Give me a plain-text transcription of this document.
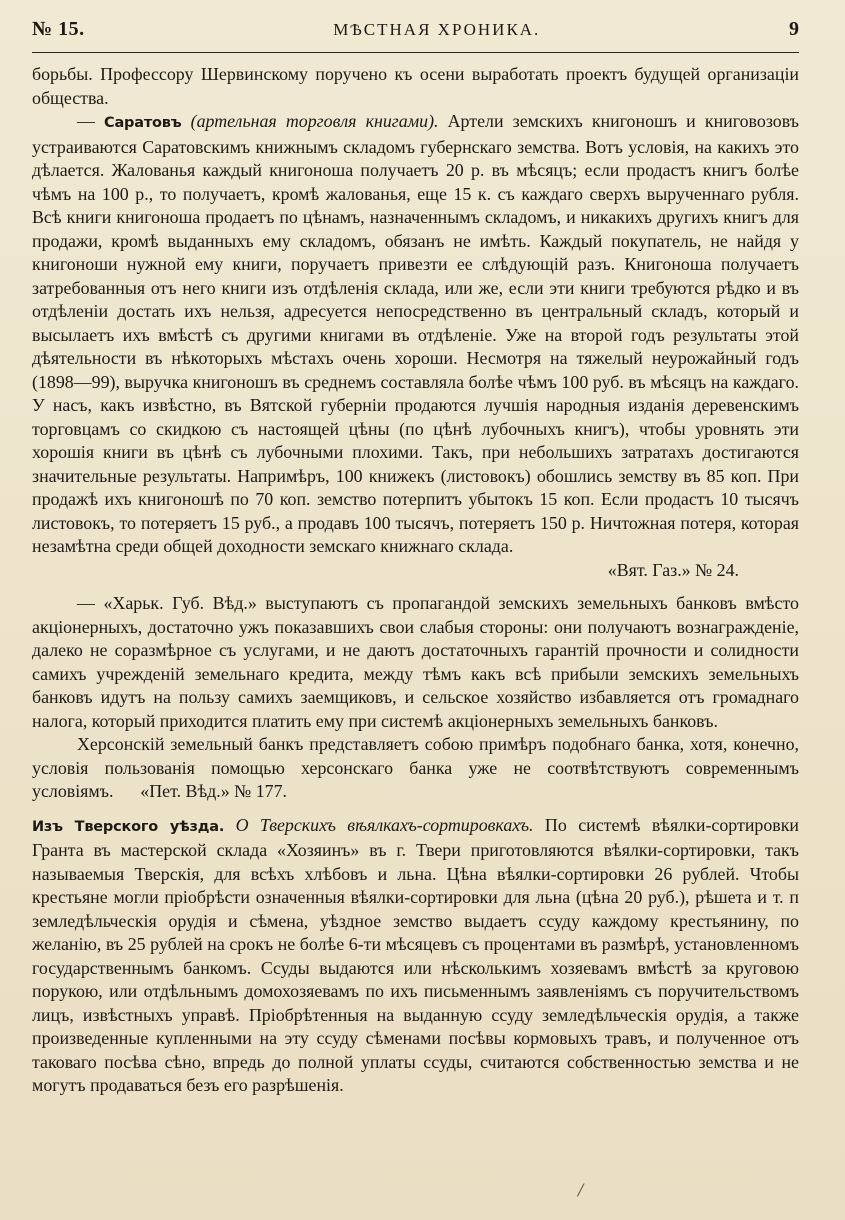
№ 15.	МѢСТНАЯ ХРОНИКА.	9

борьбы. Профессору Шервинскому поручено къ осени выработать проектъ будущей организацiи общества.

— Саратовъ (артельная торговля книгами). Артели земскихъ книгоношъ и книговозовъ устраиваются Саратовскимъ книжнымъ складомъ губернскаго земства. Вотъ условiя, на какихъ это дѣлается. Жалованья каждый книгоноша получаетъ 20 р. въ мѣсяцъ; если продастъ книгъ болѣе чѣмъ на 100 р., то получаетъ, кромѣ жалованья, еще 15 к. съ каждаго сверхъ вырученнаго рубля. Всѣ книги книгоноша продаетъ по цѣнамъ, назначеннымъ складомъ, и никакихъ другихъ книгъ для продажи, кромѣ выданныхъ ему складомъ, обязанъ не имѣть. Каждый покупатель, не найдя у книгоноши нужной ему книги, поручаетъ привезти ее слѣдующiй разъ. Книгоноша получаетъ затребованныя отъ него книги изъ отдѣленiя склада, или же, если эти книги требуются рѣдко и въ отдѣленiи достать ихъ нельзя, адресуется непосредственно въ центральный складъ, который и высылаетъ ихъ вмѣстѣ съ другими книгами въ отдѣленiе. Уже на второй годъ результаты этой дѣятельности въ нѣкоторыхъ мѣстахъ очень хороши. Несмотря на тяжелый неурожайный годъ (1898—99), выручка книгоношъ въ среднемъ составляла болѣе чѣмъ 100 руб. въ мѣсяцъ на каждаго. У насъ, какъ извѣстно, въ Вятской губернiи продаются лучшiя народныя изданiя деревенскимъ торговцамъ со скидкою съ настоящей цѣны (по цѣнѣ лубочныхъ книгъ), чтобы уровнять эти хорошiя книги въ цѣнѣ съ лубочными плохими. Такъ, при небольшихъ затратахъ достигаются значительные результаты. Напримѣръ, 100 книжекъ (листовокъ) обошлись земству въ 85 коп. При продажѣ ихъ книгоношѣ по 70 коп. земство потерпитъ убытокъ 15 коп. Если продастъ 10 тысячъ листовокъ, то потеряетъ 15 руб., а продавъ 100 тысячъ, потеряетъ 150 р. Ничтожная потеря, которая незамѣтна среди общей доходности земскаго книжнаго склада.

«Вят. Газ.» № 24.

— «Харьк. Губ. Вѣд.» выступаютъ съ пропагандой земскихъ земельныхъ банковъ вмѣсто акцiонерныхъ, достаточно ужъ показавшихъ свои слабыя стороны: они получаютъ вознагражденiе, далеко не соразмѣрное съ услугами, и не даютъ достаточныхъ гарантiй прочности и солидности самихъ учрежденiй земельнаго кредита, между тѣмъ какъ всѣ прибыли земскихъ земельныхъ банковъ идутъ на пользу самихъ заемщиковъ, и сельское хозяйство избавляется отъ громаднаго налога, который приходится платить ему при системѣ акцiонерныхъ земельныхъ банковъ.

Херсонскiй земельный банкъ представляетъ собою примѣръ подобнаго банка, хотя, конечно, условiя пользованiя помощью херсонскаго банка уже не соотвѣтствуютъ современнымъ условiямъ. «Пет. Вѣд.» № 177.

Изъ Тверского уѣзда. О Тверскихъ вѣялкахъ-сортировкахъ. По системѣ вѣялки-сортировки Гранта въ мастерской склада «Хозяинъ» въ г. Твери приготовляются вѣялки-сортировки, такъ называемыя Тверскiя, для всѣхъ хлѣбовъ и льна. Цѣна вѣялки-сортировки 26 рублей. Чтобы крестьяне могли прiобрѣсти означенныя вѣялки-сортировки для льна (цѣна 20 руб.), рѣшета и т. п земледѣльческiя орудiя и сѣмена, уѣздное земство выдаетъ ссуду каждому крестьянину, по желанiю, въ 25 рублей на срокъ не болѣе 6-ти мѣсяцевъ съ процентами въ размѣрѣ, установленномъ государственнымъ банкомъ. Ссуды выдаются или нѣсколькимъ хозяевамъ вмѣстѣ за круговою порукою, или отдѣльнымъ домохозяевамъ по ихъ письменнымъ заявленiямъ съ поручительствомъ лицъ, извѣстныхъ управѣ. Прiобрѣтенныя на выданную ссуду земледѣльческiя орудiя, а также произведенные купленными на эту ссуду сѣменами посѣвы кормовыхъ травъ, и полученное отъ таковаго посѣва сѣно, впредь до полной уплаты ссуды, считаются собственностью земства и не могутъ продаваться безъ его разрѣшенiя.

/
